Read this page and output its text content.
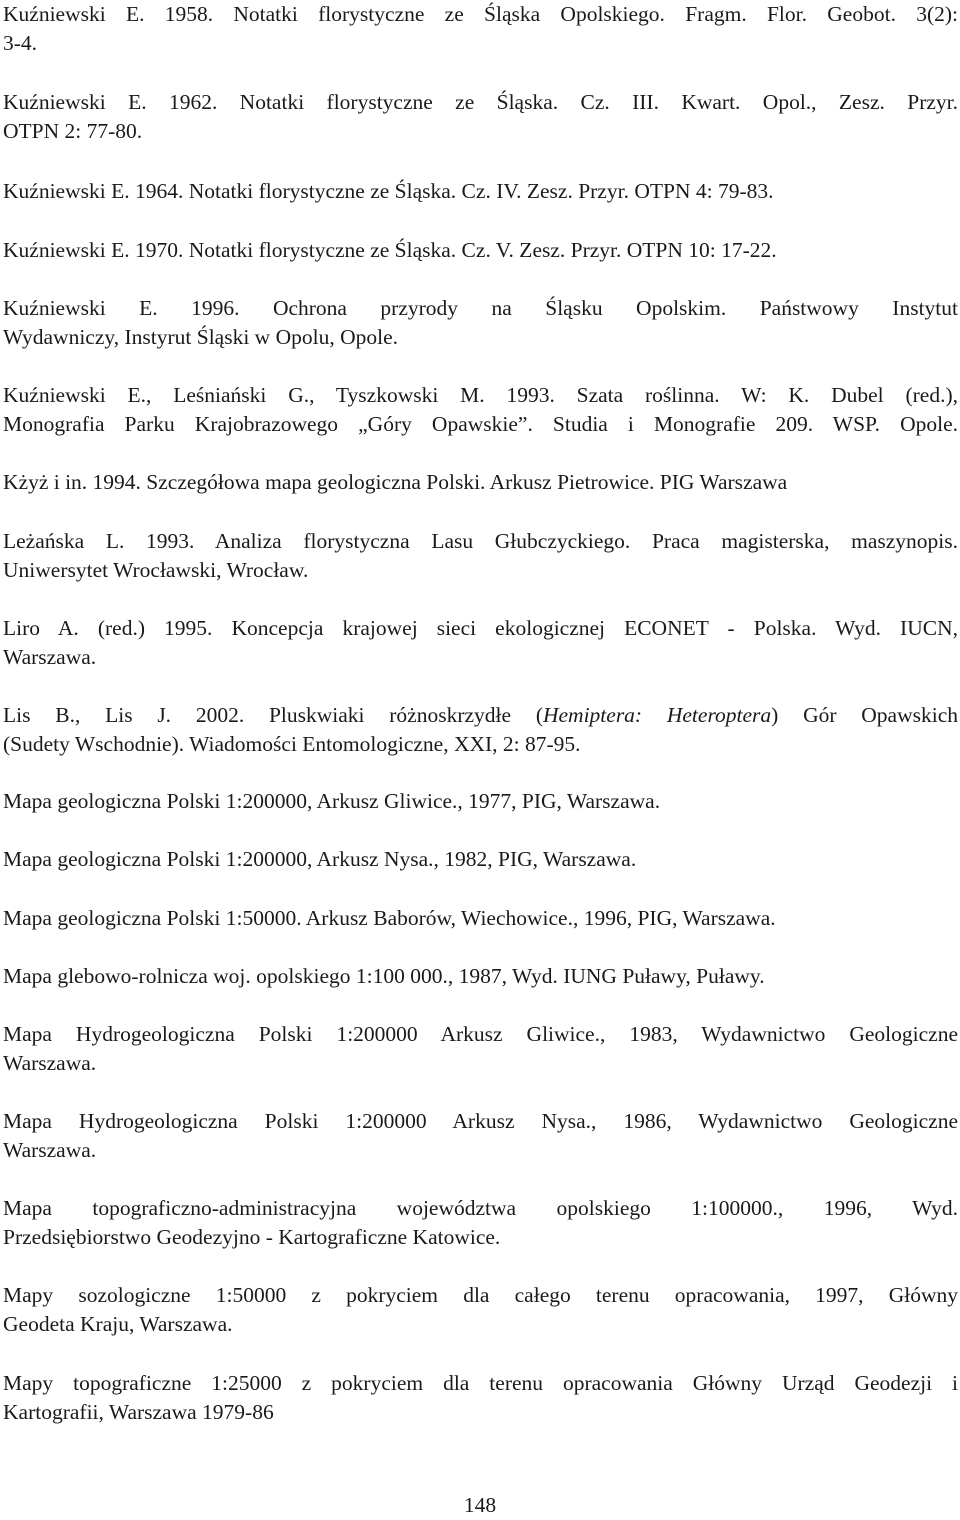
Kuźniewski E. 1958. Notatki florystyczne ze Śląska Opolskiego. Fragm. Flor. Geobot. 3(2):
3-4.

Kuźniewski E. 1962. Notatki florystyczne ze Śląska. Cz. III. Kwart. Opol., Zesz. Przyr.
OTPN 2: 77-80.

Kuźniewski E. 1964. Notatki florystyczne ze Śląska. Cz. IV. Zesz. Przyr. OTPN 4: 79-83.

Kuźniewski E. 1970. Notatki florystyczne ze Śląska. Cz. V. Zesz. Przyr. OTPN 10: 17-22.

Kuźniewski E. 1996. Ochrona przyrody na Śląsku Opolskim. Państwowy Instytut
Wydawniczy, Instyrut Śląski w Opolu, Opole.

Kuźniewski E., Leśniański G., Tyszkowski M. 1993. Szata roślinna. W: K. Dubel (red.),
Monografia Parku Krajobrazowego „Góry Opawskie”. Studia i Monografie 209. WSP. Opole.

Kżyż i in. 1994. Szczegółowa mapa geologiczna Polski. Arkusz Pietrowice. PIG Warszawa

Leżańska L. 1993. Analiza florystyczna Lasu Głubczyckiego. Praca magisterska, maszynopis.
Uniwersytet Wrocławski, Wrocław.

Liro A. (red.) 1995. Koncepcja krajowej sieci ekologicznej ECONET - Polska. Wyd. IUCN,
Warszawa.

Lis B., Lis J. 2002. Pluskwiaki różnoskrzydłe (Hemiptera: Heteroptera) Gór Opawskich
(Sudety Wschodnie). Wiadomości Entomologiczne, XXI, 2: 87-95.

Mapa geologiczna Polski 1:200000, Arkusz Gliwice., 1977, PIG, Warszawa.

Mapa geologiczna Polski 1:200000, Arkusz Nysa., 1982, PIG, Warszawa.

Mapa geologiczna Polski 1:50000. Arkusz Baborów, Wiechowice., 1996, PIG, Warszawa.

Mapa glebowo-rolnicza woj. opolskiego 1:100 000., 1987, Wyd. IUNG Puławy, Puławy.

Mapa Hydrogeologiczna Polski 1:200000 Arkusz Gliwice., 1983, Wydawnictwo Geologiczne
Warszawa.

Mapa Hydrogeologiczna Polski 1:200000 Arkusz Nysa., 1986, Wydawnictwo Geologiczne
Warszawa.

Mapa topograficzno-administracyjna województwa opolskiego 1:100000., 1996, Wyd.
Przedsiębiorstwo Geodezyjno - Kartograficzne Katowice.

Mapy sozologiczne 1:50000 z pokryciem dla całego terenu opracowania, 1997, Główny
Geodeta Kraju, Warszawa.

Mapy topograficzne 1:25000 z pokryciem dla terenu opracowania Główny Urząd Geodezji i
Kartografii, Warszawa 1979-86

148
